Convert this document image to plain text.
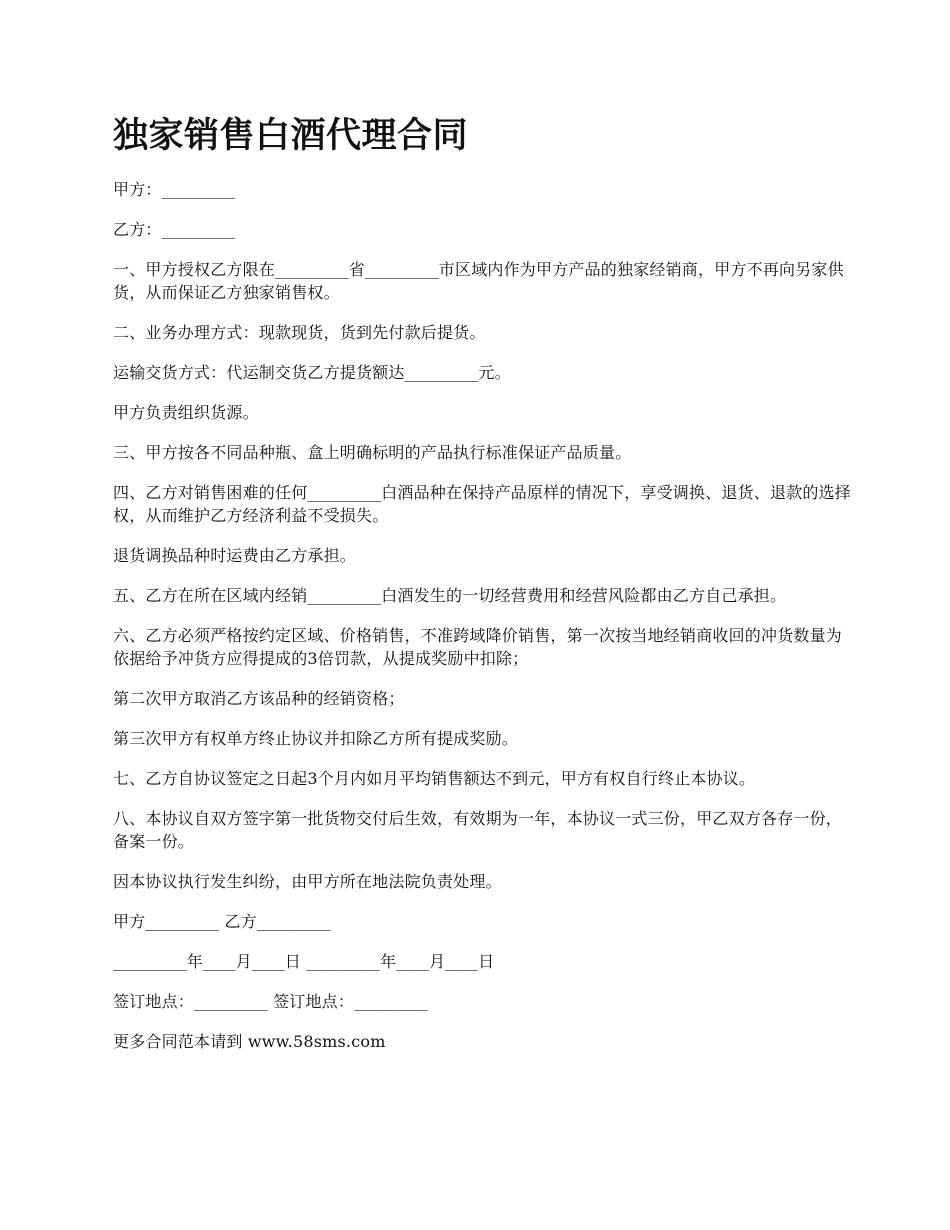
独家销售白酒代理合同

甲方：_________

乙方：_________

一、甲方授权乙方限在_________省_________市区域内作为甲方产品的独家经销商，甲方不再向另家供货，从而保证乙方独家销售权。

二、业务办理方式：现款现货，货到先付款后提货。

运输交货方式：代运制交货乙方提货额达_________元。

甲方负责组织货源。

三、甲方按各不同品种瓶、盒上明确标明的产品执行标准保证产品质量。

四、乙方对销售困难的任何_________白酒品种在保持产品原样的情况下，享受调换、退货、退款的选择权，从而维护乙方经济利益不受损失。

退货调换品种时运费由乙方承担。

五、乙方在所在区域内经销_________白酒发生的一切经营费用和经营风险都由乙方自己承担。

六、乙方必须严格按约定区域、价格销售，不准跨域降价销售，第一次按当地经销商收回的冲货数量为依据给予冲货方应得提成的3倍罚款，从提成奖励中扣除；

第二次甲方取消乙方该品种的经销资格；

第三次甲方有权单方终止协议并扣除乙方所有提成奖励。

七、乙方自协议签定之日起3个月内如月平均销售额达不到元，甲方有权自行终止本协议。

八、本协议自双方签字第一批货物交付后生效，有效期为一年，本协议一式三份，甲乙双方各存一份，备案一份。

因本协议执行发生纠纷，由甲方所在地法院负责处理。

甲方_________ 乙方_________

_________年____月____日 _________年____月____日

签订地点：_________ 签订地点：_________

更多合同范本请到 www.58sms.com
